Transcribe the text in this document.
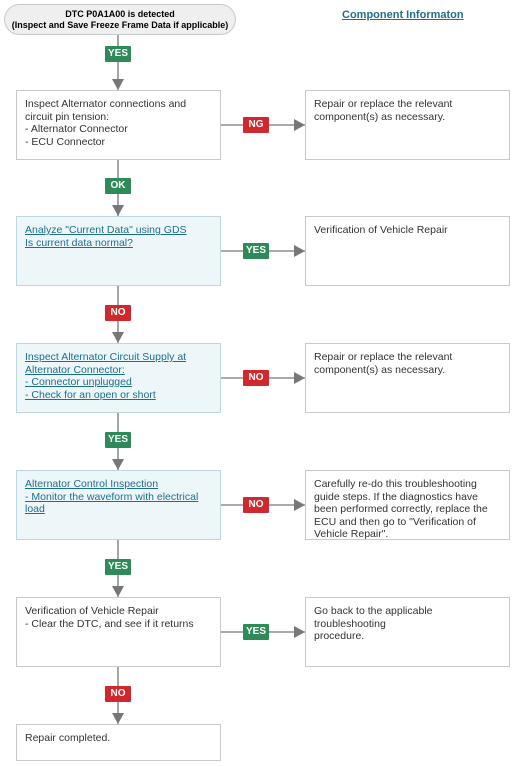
DTC P0A1A00 is detected
(Inspect and Save Freeze Frame Data if applicable)
Component Informaton
YES
Inspect Alternator connections and
circuit pin tension:
- Alternator Connector
- ECU Connector
Repair or replace the relevant
component(s) as necessary.
NG
OK
Analyze "Current Data" using GDS
Is current data normal?
Verification of Vehicle Repair
YES
NO
Inspect Alternator Circuit Supply at
Alternator Connector:
- Connector unplugged
- Check for an open or short
Repair or replace the relevant
component(s) as necessary.
NO
YES
Alternator Control Inspection
- Monitor the waveform with electrical
load
Carefully re-do this troubleshooting
guide steps. If the diagnostics have
been performed correctly, replace the
ECU and then go to "Verification of
Vehicle Repair".
NO
YES
Verification of Vehicle Repair
- Clear the DTC, and see if it returns
Go back to the applicable troubleshooting
procedure.
YES
NO
Repair completed.
